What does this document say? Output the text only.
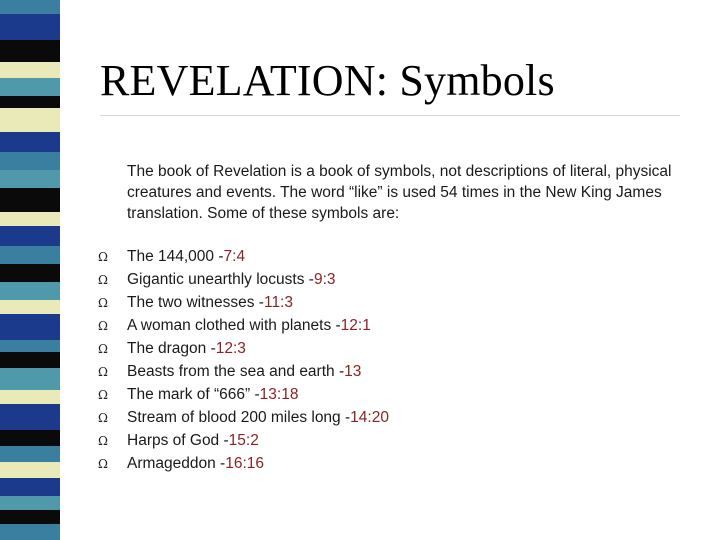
REVELATION: Symbols

The book of Revelation is a book of symbols, not descriptions of literal, physical creatures and events. The word “like” is used 54 times in the New King James translation. Some of these symbols are:

Ω	The 144,000 - 7:4
Ω	Gigantic unearthly locusts - 9:3
Ω	The two witnesses - 11:3
Ω	A woman clothed with planets - 12:1
Ω	The dragon - 12:3
Ω	Beasts from the sea and earth - 13
Ω	The mark of “666” - 13:18
Ω	Stream of blood 200 miles long - 14:20
Ω	Harps of God - 15:2
Ω	Armageddon - 16:16
